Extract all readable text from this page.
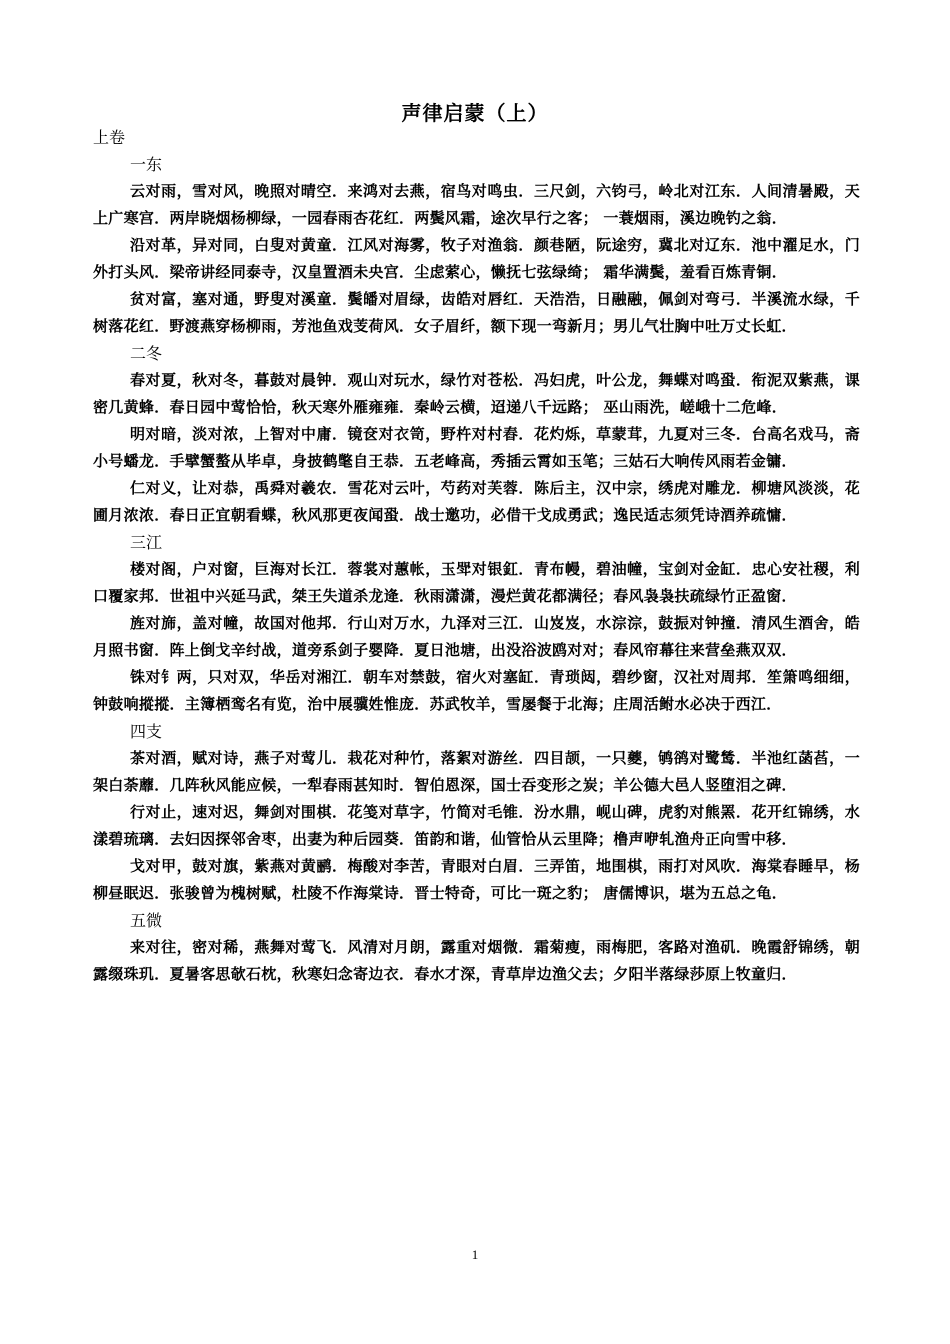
声律启蒙（上）
上卷
一东

云对雨，雪对风，晚照对晴空．来鸿对去燕，宿鸟对鸣虫．三尺剑，六钧弓，岭北对江东．人间清暑殿，天上广寒宫．两岸晓烟杨柳绿，一园春雨杏花红．两鬓风霜，途次早行之客； 一蓑烟雨，溪边晚钓之翁．

沿对革，异对同，白叟对黄童．江风对海雾，牧子对渔翁．颜巷陋，阮途穷，冀北对辽东．池中濯足水，门外打头风．梁帝讲经同泰寺，汉皇置酒未央宫．尘虑萦心，懒抚七弦绿绮； 霜华满鬓，羞看百炼青铜．

贫对富，塞对通，野叟对溪童．鬓皤对眉绿，齿皓对唇红．天浩浩，日融融，佩剑对弯弓．半溪流水绿，千树落花红．野渡燕穿杨柳雨，芳池鱼戏芰荷风．女子眉纤，额下现一弯新月；男儿气壮胸中吐万丈长虹．

二冬

春对夏，秋对冬，暮鼓对晨钟．观山对玩水，绿竹对苍松．冯妇虎，叶公龙，舞蝶对鸣蛩．衔泥双紫燕，课密几黄蜂．春日园中莺恰恰，秋天寒外雁雍雍．秦岭云横，迢递八千远路； 巫山雨洗，嵯峨十二危峰．

明对暗，淡对浓，上智对中庸．镜奁对衣笥，野杵对村舂．花灼烁，草蒙茸，九夏对三冬．台高名戏马，斋小号蟠龙．手擘蟹螯从毕卓，身披鹤氅自王恭．五老峰高，秀插云霄如玉笔；三姑石大响传风雨若金镛．

仁对义，让对恭，禹舜对羲农．雪花对云叶，芍药对芙蓉．陈后主，汉中宗，绣虎对雕龙．柳塘风淡淡，花圃月浓浓．春日正宜朝看蝶，秋风那更夜闻蛩．战士邀功，必借干戈成勇武；逸民适志须凭诗酒养疏慵．

三江

楼对阁，户对窗，巨海对长江．蓉裳对蕙帐，玉斝对银釭．青布幔，碧油幢，宝剑对金缸．忠心安社稷，利口覆家邦．世祖中兴延马武，桀王失道杀龙逄．秋雨潇潇，漫烂黄花都满径；春风袅袅扶疏绿竹正盈窗．

旌对旆，盖对幢，故国对他邦．行山对万水，九泽对三江．山岌岌，水淙淙，鼓振对钟撞．清风生酒舍，皓月照书窗．阵上倒戈辛纣战，道旁系剑子婴降．夏日池塘，出没浴波鸥对对；春风帘幕往来营垒燕双双．

铢对钅两，只对双，华岳对湘江．朝车对禁鼓，宿火对塞缸．青琐闼，碧纱窗，汉社对周邦．笙箫鸣细细，钟鼓响摐摐．主簿栖鸾名有览，治中展骥姓惟庞．苏武牧羊，雪屡餐于北海；庄周活鲋水必决于西江．

四支

茶对酒，赋对诗，燕子对莺儿．栽花对种竹，落絮对游丝．四目颉，一只夔，鸲鹆对鹭鸶．半池红菡萏，一架白荼蘼．几阵秋风能应候，一犁春雨甚知时．智伯恩深，国士吞变形之炭；羊公德大邑人竖堕泪之碑．

行对止，速对迟，舞剑对围棋．花笺对草字，竹简对毛锥．汾水鼎，岘山碑，虎豹对熊罴．花开红锦绣，水漾碧琉璃．去妇因探邻舍枣，出妻为种后园葵．笛韵和谐，仙管恰从云里降；橹声咿轧渔舟正向雪中移．

戈对甲，鼓对旗，紫燕对黄鹂．梅酸对李苦，青眼对白眉．三弄笛，地围棋，雨打对风吹．海棠春睡早，杨柳昼眠迟．张骏曾为槐树赋，杜陵不作海棠诗．晋士特奇，可比一斑之豹； 唐儒博识，堪为五总之龟．

五微

来对往，密对稀，燕舞对莺飞．风清对月朗，露重对烟微．霜菊瘦，雨梅肥，客路对渔矶．晚霞舒锦绣，朝露缀珠玑．夏暑客思欹石枕，秋寒妇念寄边衣．春水才深，青草岸边渔父去；夕阳半落绿莎原上牧童归．

1
